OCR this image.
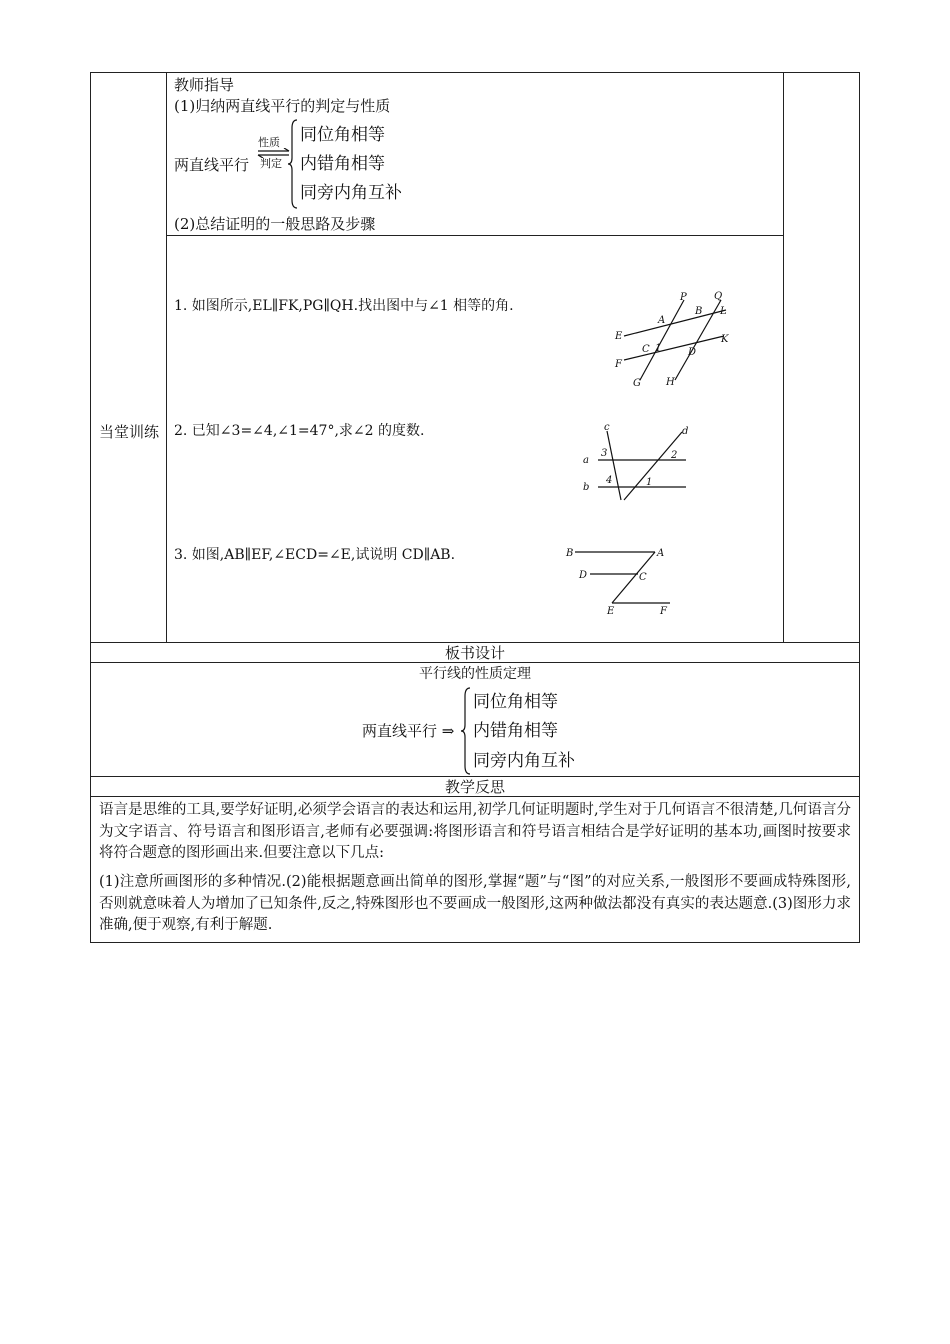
教师指导
(1)归纳两直线平行的判定与性质
两直线平行
性质
判定
同位角相等
内错角相等
同旁内角互补
(2)总结证明的一般思路及步骤
当堂训练
1. 如图所示,EL∥FK,PG∥QH.找出图中与∠1 相等的角.
2. 已知∠3=∠4,∠1=47°,求∠2 的度数.
3. 如图,AB∥EF,∠ECD=∠E,试说明 CD∥AB.
P	Q
A
B L
E
C 1	D
K
F
G	H
c	d
a
3	2
b
4	1
B	A
D	C
E	F
板书设计
平行线的性质定理
两直线平行 ⇒
同位角相等
内错角相等
同旁内角互补
教学反思
语言是思维的工具,要学好证明,必须学会语言的表达和运用,初学几何证明题时,学生对于几何语言不很清楚,几何语言分为文字语言、符号语言和图形语言,老师有必要强调:将图形语言和符号语言相结合是学好证明的基本功,画图时按要求将符合题意的图形画出来.但要注意以下几点:
(1)注意所画图形的多种情况.(2)能根据题意画出简单的图形,掌握“题”与“图”的对应关系,一般图形不要画成特殊图形,否则就意味着人为增加了已知条件,反之,特殊图形也不要画成一般图形,这两种做法都没有真实的表达题意.(3)图形力求准确,便于观察,有利于解题.
